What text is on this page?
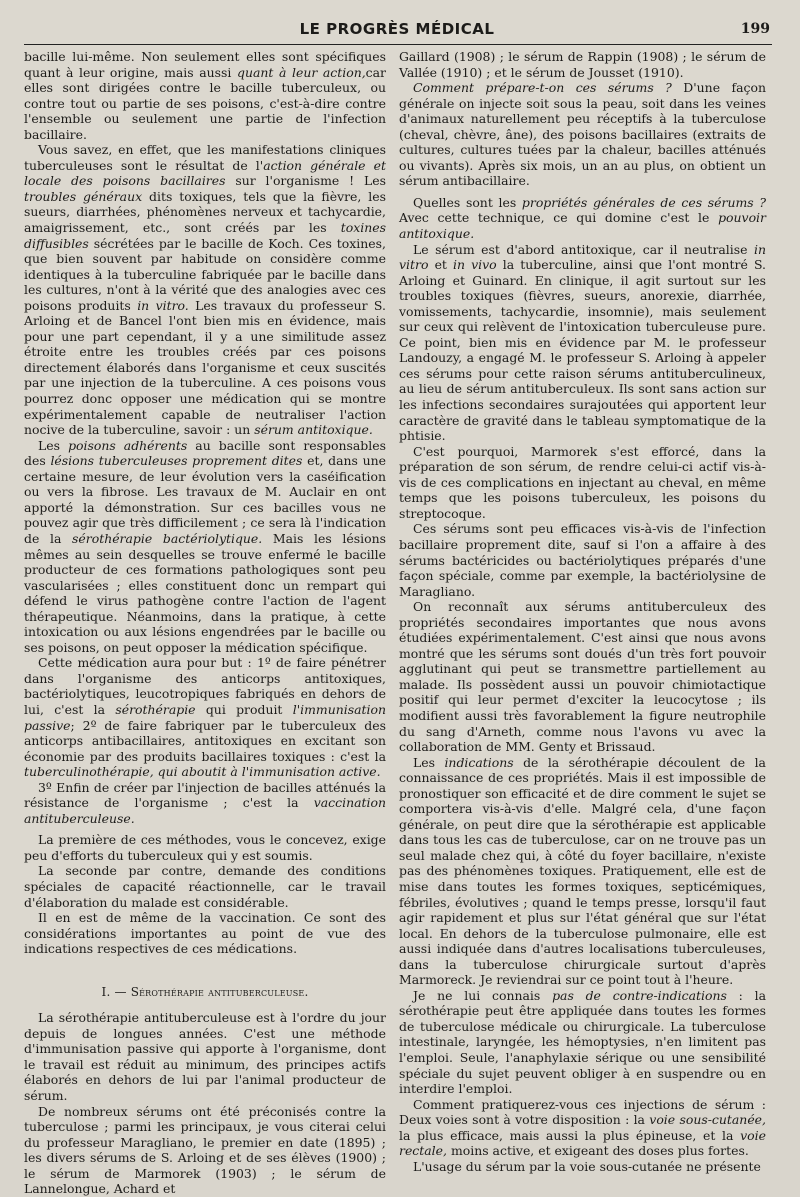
LE PROGRÈS MÉDICAL	199

bacille lui-même. Non seulement elles sont spécifiques quant à leur origine, mais aussi quant à leur action,car elles sont dirigées contre le bacille tuberculeux, ou contre tout ou partie de ses poisons, c'est-à-dire contre l'ensemble ou seulement une partie de l'infection bacillaire.

Vous savez, en effet, que les manifestations cliniques tuberculeuses sont le résultat de l'action générale et locale des poisons bacillaires sur l'organisme ! Les troubles généraux dits toxiques, tels que la fièvre, les sueurs, diarrhées, phénomènes nerveux et tachycardie, amaigrissement, etc., sont créés par les toxines diffusibles sécrétées par le bacille de Koch. Ces toxines, que bien souvent par habitude on considère comme identiques à la tuberculine fabriquée par le bacille dans les cultures, n'ont à la vérité que des analogies avec ces poisons produits in vitro. Les travaux du professeur S. Arloing et de Bancel l'ont bien mis en évidence, mais pour une part cependant, il y a une similitude assez étroite entre les troubles créés par ces poisons directement élaborés dans l'organisme et ceux suscités par une injection de la tuberculine. A ces poisons vous pourrez donc opposer une médication qui se montre expérimentalement capable de neutraliser l'action nocive de la tuberculine, savoir : un sérum antitoxique.

Les poisons adhérents au bacille sont responsables des lésions tuberculeuses proprement dites et, dans une certaine mesure, de leur évolution vers la caséification ou vers la fibrose. Les travaux de M. Auclair en ont apporté la démonstration. Sur ces bacilles vous ne pouvez agir que très difficilement ; ce sera là l'indication de la sérothérapie bactériolytique. Mais les lésions mêmes au sein desquelles se trouve enfermé le bacille producteur de ces formations pathologiques sont peu vascularisées ; elles constituent donc un rempart qui défend le virus pathogène contre l'action de l'agent thérapeutique. Néanmoins, dans la pratique, à cette intoxication ou aux lésions engendrées par le bacille ou ses poisons, on peut opposer la médication spécifique.

Cette médication aura pour but : 1º de faire pénétrer dans l'organisme des anticorps antitoxiques, bactériolytiques, leucotropiques fabriqués en dehors de lui, c'est la sérothérapie qui produit l'immunisation passive; 2º de faire fabriquer par le tuberculeux des anticorps antibacillaires, antitoxiques en excitant son économie par des produits bacillaires toxiques : c'est la tuberculinothérapie, qui aboutit à l'immunisation active.

3º Enfin de créer par l'injection de bacilles atténués la résistance de l'organisme ; c'est la vaccination antituberculeuse.

La première de ces méthodes, vous le concevez, exige peu d'efforts du tuberculeux qui y est soumis.

La seconde par contre, demande des conditions spéciales de capacité réactionnelle, car le travail d'élaboration du malade est considérable.

Il en est de même de la vaccination. Ce sont des considérations importantes au point de vue des indications respectives de ces médications.

I. — Sérothérapie antituberculeuse.

La sérothérapie antituberculeuse est à l'ordre du jour depuis de longues années. C'est une méthode d'immunisation passive qui apporte à l'organisme, dont le travail est réduit au minimum, des principes actifs élaborés en dehors de lui par l'animal producteur de sérum.

De nombreux sérums ont été préconisés contre la tuberculose ; parmi les principaux, je vous citerai celui du professeur Maragliano, le premier en date (1895) ; les divers sérums de S. Arloing et de ses élèves (1900) ; le sérum de Marmorek (1903) ; le sérum de Lannelongue, Achard et

Gaillard (1908) ; le sérum de Rappin (1908) ; le sérum de Vallée (1910) ; et le sérum de Jousset (1910).

Comment prépare-t-on ces sérums ? D'une façon générale on injecte soit sous la peau, soit dans les veines d'animaux naturellement peu réceptifs à la tuberculose (cheval, chèvre, âne), des poisons bacillaires (extraits de cultures, cultures tuées par la chaleur, bacilles atténués ou vivants). Après six mois, un an au plus, on obtient un sérum antibacillaire.

Quelles sont les propriétés générales de ces sérums ? Avec cette technique, ce qui domine c'est le pouvoir antitoxique.

Le sérum est d'abord antitoxique, car il neutralise in vitro et in vivo la tuberculine, ainsi que l'ont montré S. Arloing et Guinard. En clinique, il agit surtout sur les troubles toxiques (fièvres, sueurs, anorexie, diarrhée, vomissements, tachycardie, insomnie), mais seulement sur ceux qui relèvent de l'intoxication tuberculeuse pure. Ce point, bien mis en évidence par M. le professeur Landouzy, a engagé M. le professeur S. Arloing à appeler ces sérums pour cette raison sérums antituberculineux, au lieu de sérum antituberculeux. Ils sont sans action sur les infections secondaires surajoutées qui apportent leur caractère de gravité dans le tableau symptomatique de la phtisie.

C'est pourquoi, Marmorek s'est efforcé, dans la préparation de son sérum, de rendre celui-ci actif vis-à-vis de ces complications en injectant au cheval, en même temps que les poisons tuberculeux, les poisons du streptocoque.

Ces sérums sont peu efficaces vis-à-vis de l'infection bacillaire proprement dite, sauf si l'on a affaire à des sérums bactéricides ou bactériolytiques préparés d'une façon spéciale, comme par exemple, la bactériolysine de Maragliano.

On reconnaît aux sérums antituberculeux des propriétés secondaires importantes que nous avons étudiées expérimentalement. C'est ainsi que nous avons montré que les sérums sont doués d'un très fort pouvoir agglutinant qui peut se transmettre partiellement au malade. Ils possèdent aussi un pouvoir chimiotactique positif qui leur permet d'exciter la leucocytose ; ils modifient aussi très favorablement la figure neutrophile du sang d'Arneth, comme nous l'avons vu avec la collaboration de MM. Genty et Brissaud.

Les indications de la sérothérapie découlent de la connaissance de ces propriétés. Mais il est impossible de pronostiquer son efficacité et de dire comment le sujet se comportera vis-à-vis d'elle. Malgré cela, d'une façon générale, on peut dire que la sérothérapie est applicable dans tous les cas de tuberculose, car on ne trouve pas un seul malade chez qui, à côté du foyer bacillaire, n'existe pas des phénomènes toxiques. Pratiquement, elle est de mise dans toutes les formes toxiques, septicémiques, fébriles, évolutives ; quand le temps presse, lorsqu'il faut agir rapidement et plus sur l'état général que sur l'état local. En dehors de la tuberculose pulmonaire, elle est aussi indiquée dans d'autres localisations tuberculeuses, dans la tuberculose chirurgicale surtout d'après Marmoreck. Je reviendrai sur ce point tout à l'heure.

Je ne lui connais pas de contre-indications : la sérothérapie peut être appliquée dans toutes les formes de tuberculose médicale ou chirurgicale. La tuberculose intestinale, laryngée, les hémoptysies, n'en limitent pas l'emploi. Seule, l'anaphylaxie sérique ou une sensibilité spéciale du sujet peuvent obliger à en suspendre ou en interdire l'emploi.

Comment pratiquerez-vous ces injections de sérum : Deux voies sont à votre disposition : la voie sous-cutanée, la plus efficace, mais aussi la plus épineuse, et la voie rectale, moins active, et exigeant des doses plus fortes.

L'usage du sérum par la voie sous-cutanée ne présente
